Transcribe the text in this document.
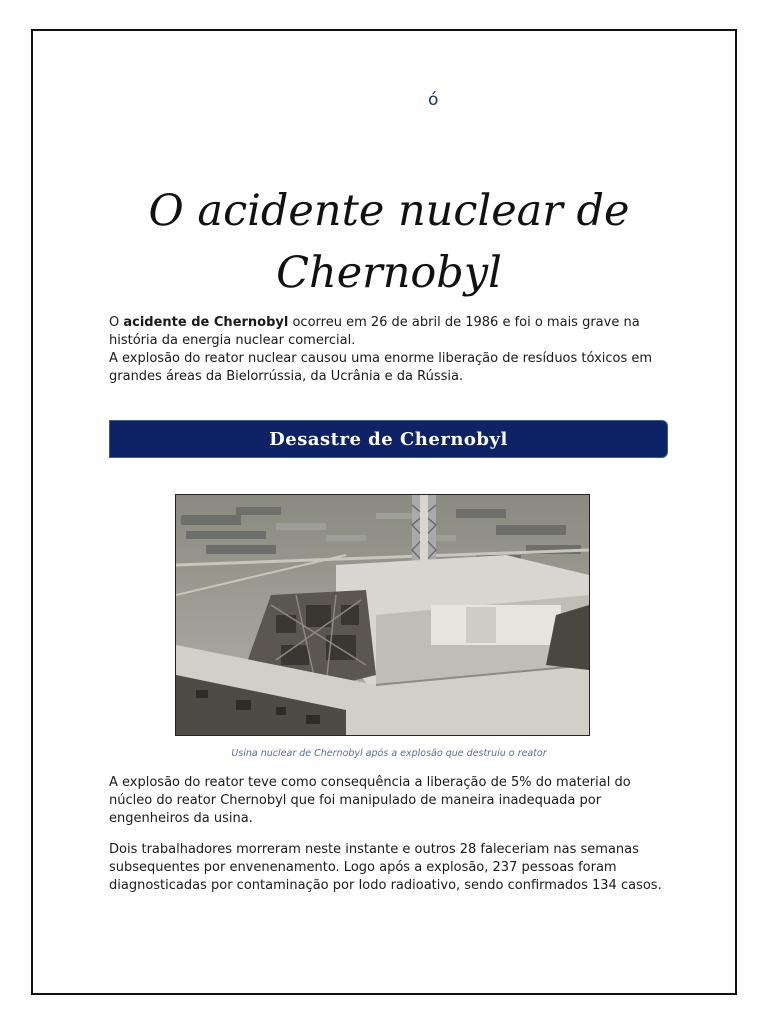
ó
O acidente nuclear de
Chernobyl
O acidente de Chernobyl ocorreu em 26 de abril de 1986 e foi o mais grave na história da energia nuclear comercial.
A explosão do reator nuclear causou uma enorme liberação de resíduos tóxicos em grandes áreas da Bielorrússia, da Ucrânia e da Rússia.
Desastre de Chernobyl
Usina nuclear de Chernobyl após a explosão que destruiu o reator

A explosão do reator teve como consequência a liberação de 5% do material do núcleo do reator Chernobyl que foi manipulado de maneira inadequada por engenheiros da usina.

Dois trabalhadores morreram neste instante e outros 28 faleceriam nas semanas subsequentes por envenenamento. Logo após a explosão, 237 pessoas foram diagnosticadas por contaminação por Iodo radioativo, sendo confirmados 134 casos.
